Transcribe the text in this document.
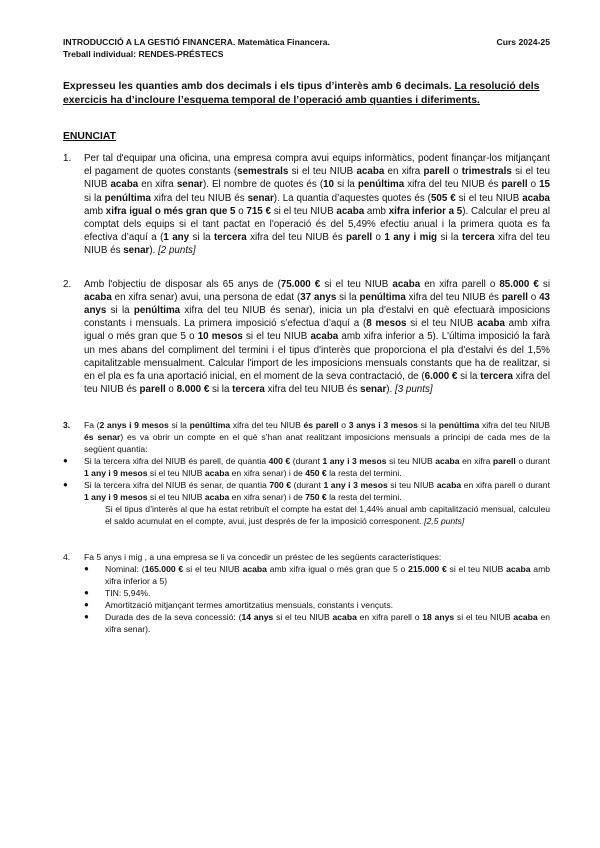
INTRODUCCIÓ A LA GESTIÓ FINANCERA. Matemàtica Financera.
Treball individual: RENDES-PRÉSTECS
Curs 2024-25

Expresseu les quanties amb dos decimals i els tipus d’interès amb 6 decimals. La resolució dels exercicis ha d’incloure l’esquema temporal de l’operació amb quanties i diferiments.

ENUNCIAT
1. Per tal d'equipar una oficina, una empresa compra avui equips informàtics, podent finançar-los mitjançant el pagament de quotes constants (semestrals si el teu NIUB acaba en xifra parell o trimestrals si el teu NIUB acaba en xifra senar). El nombre de quotes és (10 si la penúltima xifra del teu NIUB és parell o 15 si la penúltima xifra del teu NIUB és senar). La quantia d’aquestes quotes és (505 € si el teu NIUB acaba amb xifra igual o més gran que 5 o 715 € si el teu NIUB acaba amb xifra inferior a 5). Calcular el preu al comptat dels equips si el tant pactat en l'operació és del 5,49% efectiu anual i la primera quota es fa efectiva d’aquí a (1 any si la tercera xifra del teu NIUB és parell o 1 any i mig si la tercera xifra del teu NIUB és senar). [2 punts]
2. Amb l'objectiu de disposar als 65 anys de (75.000 € si el teu NIUB acaba en xifra parell o 85.000 € si acaba en xifra senar) avui, una persona de edat (37 anys si la penúltima xifra del teu NIUB és parell o 43 anys si la penúltima xifra del teu NIUB és senar), inicia un pla d'estalvi en què efectuarà imposicions constants i mensuals. La primera imposició s’efectua d’aquí a (8 mesos si el teu NIUB acaba amb xifra igual o més gran que 5 o 10 mesos si el teu NIUB acaba amb xifra inferior a 5). L'última imposició la farà un mes abans del compliment del termini i el tipus d'interès que proporciona el pla d'estalvi és del 1,5% capitalitzable mensualment. Calcular l'import de les imposicions mensuals constants que ha de realitzar, si en el pla es fa una aportació inicial, en el moment de la seva contractació, de (6.000 € si la tercera xifra del teu NIUB és parell o 8.000 € si la tercera xifra del teu NIUB és senar). [3 punts]
3. Fa (2 anys i 9 mesos si la penúltima xifra del teu NIUB és parell o 3 anys i 3 mesos si la penúltima xifra del teu NIUB és senar) es va obrir un compte en el què s’han anat realitzant imposicions mensuals a principi de cada mes de la següent quantia:
● Si la tercera xifra del NIUB és parell, de quantia 400 € (durant 1 any i 3 mesos si teu NIUB acaba en xifra parell o durant 1 any i 9 mesos si el teu NIUB acaba en xifra senar) i de 450 € la resta del termini.
● Si la tercera xifra del NIUB és senar, de quantia 700 € (durant 1 any i 3 mesos si teu NIUB acaba en xifra parell o durant 1 any i 9 mesos si el teu NIUB acaba en xifra senar) i de 750 € la resta del termini.
Si el tipus d’interès al que ha estat retribuït el compte ha estat del 1,44% anual amb capitalització mensual, calculeu el saldo acumulat en el compte, avui, just després de fer la imposició corresponent. [2,5 punts]
4. Fa 5 anys i mig , a una empresa se li va concedir un préstec de les següents característiques:
● Nominal: (165.000 € si el teu NIUB acaba amb xifra igual o més gran que 5 o 215.000 € si el teu NIUB acaba amb xifra inferior a 5)
● TIN: 5,94%.
● Amortització mitjançant termes amortitzatius mensuals, constants i vençuts.
● Durada des de la seva concessió: (14 anys si el teu NIUB acaba en xifra parell o 18 anys si el teu NIUB acaba en xifra senar).
